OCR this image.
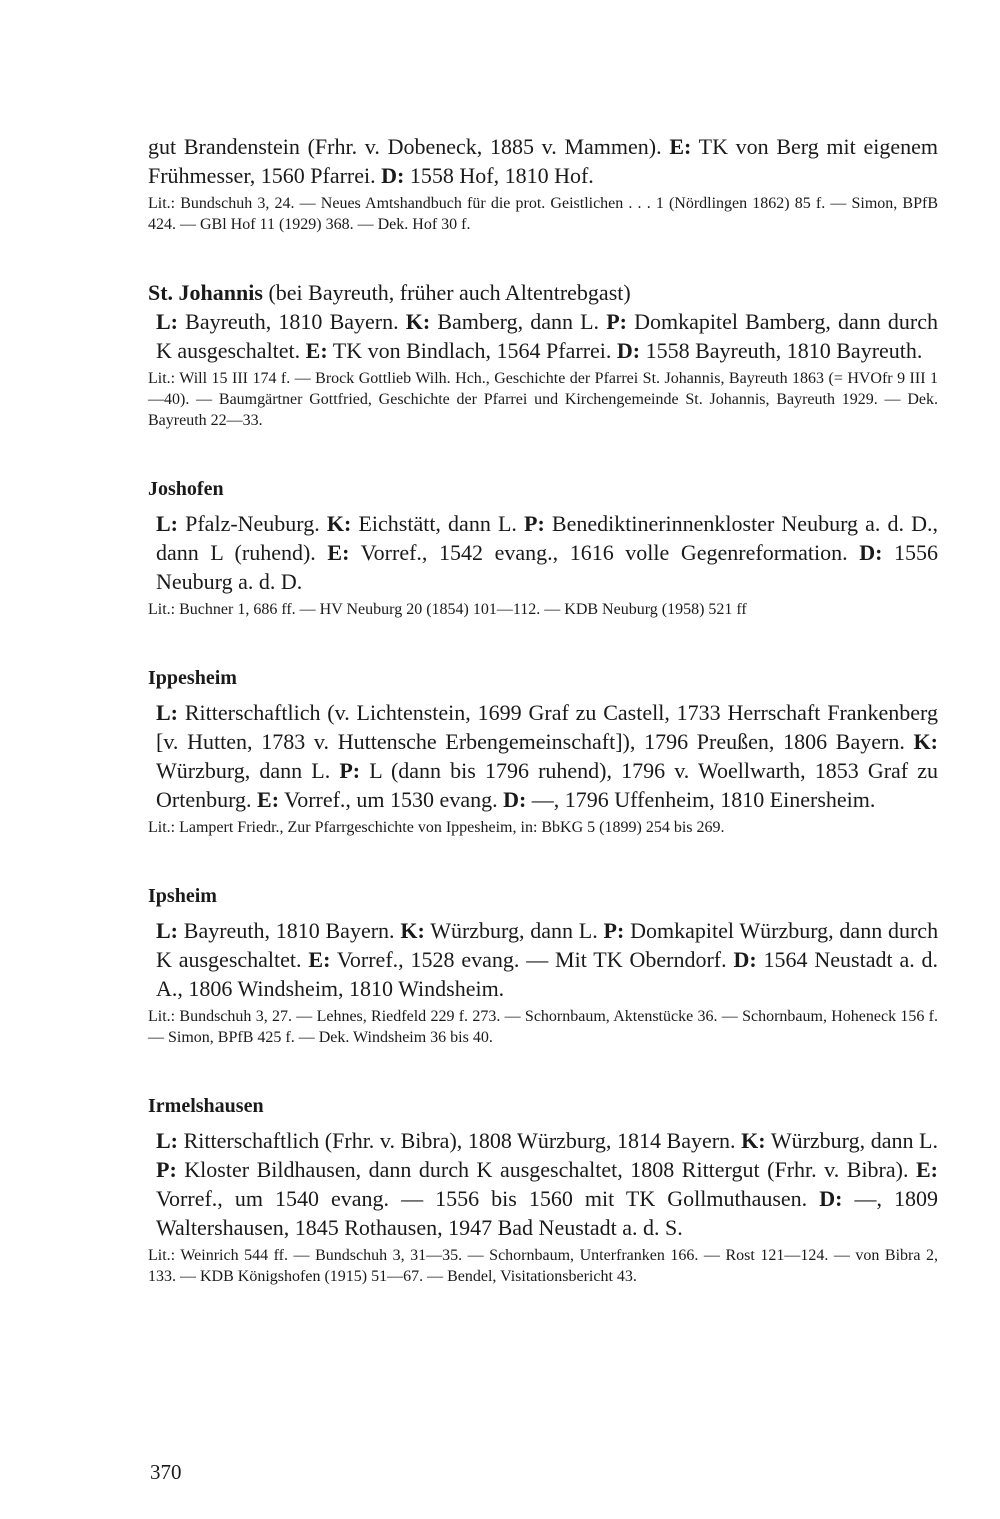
gut Brandenstein (Frhr. v. Dobeneck, 1885 v. Mammen). E: TK von Berg mit eigenem Frühmesser, 1560 Pfarrei. D: 1558 Hof, 1810 Hof.

Lit.: Bundschuh 3, 24. — Neues Amtshandbuch für die prot. Geistlichen . . . 1 (Nördlingen 1862) 85 f. — Simon, BPfB 424. — GBl Hof 11 (1929) 368. — Dek. Hof 30 f.

St. Johannis (bei Bayreuth, früher auch Altentrebgast)

L: Bayreuth, 1810 Bayern. K: Bamberg, dann L. P: Domkapitel Bamberg, dann durch K ausgeschaltet. E: TK von Bindlach, 1564 Pfarrei. D: 1558 Bayreuth, 1810 Bayreuth.

Lit.: Will 15 III 174 f. — Brock Gottlieb Wilh. Hch., Geschichte der Pfarrei St. Johannis, Bayreuth 1863 (= HVOfr 9 III 1—40). — Baumgärtner Gottfried, Geschichte der Pfarrei und Kirchengemeinde St. Johannis, Bayreuth 1929. — Dek. Bayreuth 22—33.

Joshofen

L: Pfalz-Neuburg. K: Eichstätt, dann L. P: Benediktinerinnenkloster Neuburg a. d. D., dann L (ruhend). E: Vorref., 1542 evang., 1616 volle Gegenreformation. D: 1556 Neuburg a. d. D.

Lit.: Buchner 1, 686 ff. — HV Neuburg 20 (1854) 101—112. — KDB Neuburg (1958) 521 ff

Ippesheim

L: Ritterschaftlich (v. Lichtenstein, 1699 Graf zu Castell, 1733 Herrschaft Frankenberg [v. Hutten, 1783 v. Huttensche Erbengemeinschaft]), 1796 Preußen, 1806 Bayern. K: Würzburg, dann L. P: L (dann bis 1796 ruhend), 1796 v. Woellwarth, 1853 Graf zu Ortenburg. E: Vorref., um 1530 evang. D: —, 1796 Uffenheim, 1810 Einersheim.

Lit.: Lampert Friedr., Zur Pfarrgeschichte von Ippesheim, in: BbKG 5 (1899) 254 bis 269.

Ipsheim

L: Bayreuth, 1810 Bayern. K: Würzburg, dann L. P: Domkapitel Würzburg, dann durch K ausgeschaltet. E: Vorref., 1528 evang. — Mit TK Oberndorf. D: 1564 Neustadt a. d. A., 1806 Windsheim, 1810 Windsheim.

Lit.: Bundschuh 3, 27. — Lehnes, Riedfeld 229 f. 273. — Schornbaum, Aktenstücke 36. — Schornbaum, Hoheneck 156 f. — Simon, BPfB 425 f. — Dek. Windsheim 36 bis 40.

Irmelshausen

L: Ritterschaftlich (Frhr. v. Bibra), 1808 Würzburg, 1814 Bayern. K: Würzburg, dann L. P: Kloster Bildhausen, dann durch K ausgeschaltet, 1808 Rittergut (Frhr. v. Bibra). E: Vorref., um 1540 evang. — 1556 bis 1560 mit TK Gollmuthausen. D: —, 1809 Waltershausen, 1845 Rothausen, 1947 Bad Neustadt a. d. S.

Lit.: Weinrich 544 ff. — Bundschuh 3, 31—35. — Schornbaum, Unterfranken 166. — Rost 121—124. — von Bibra 2, 133. — KDB Königshofen (1915) 51—67. — Bendel, Visitationsbericht 43.

370
